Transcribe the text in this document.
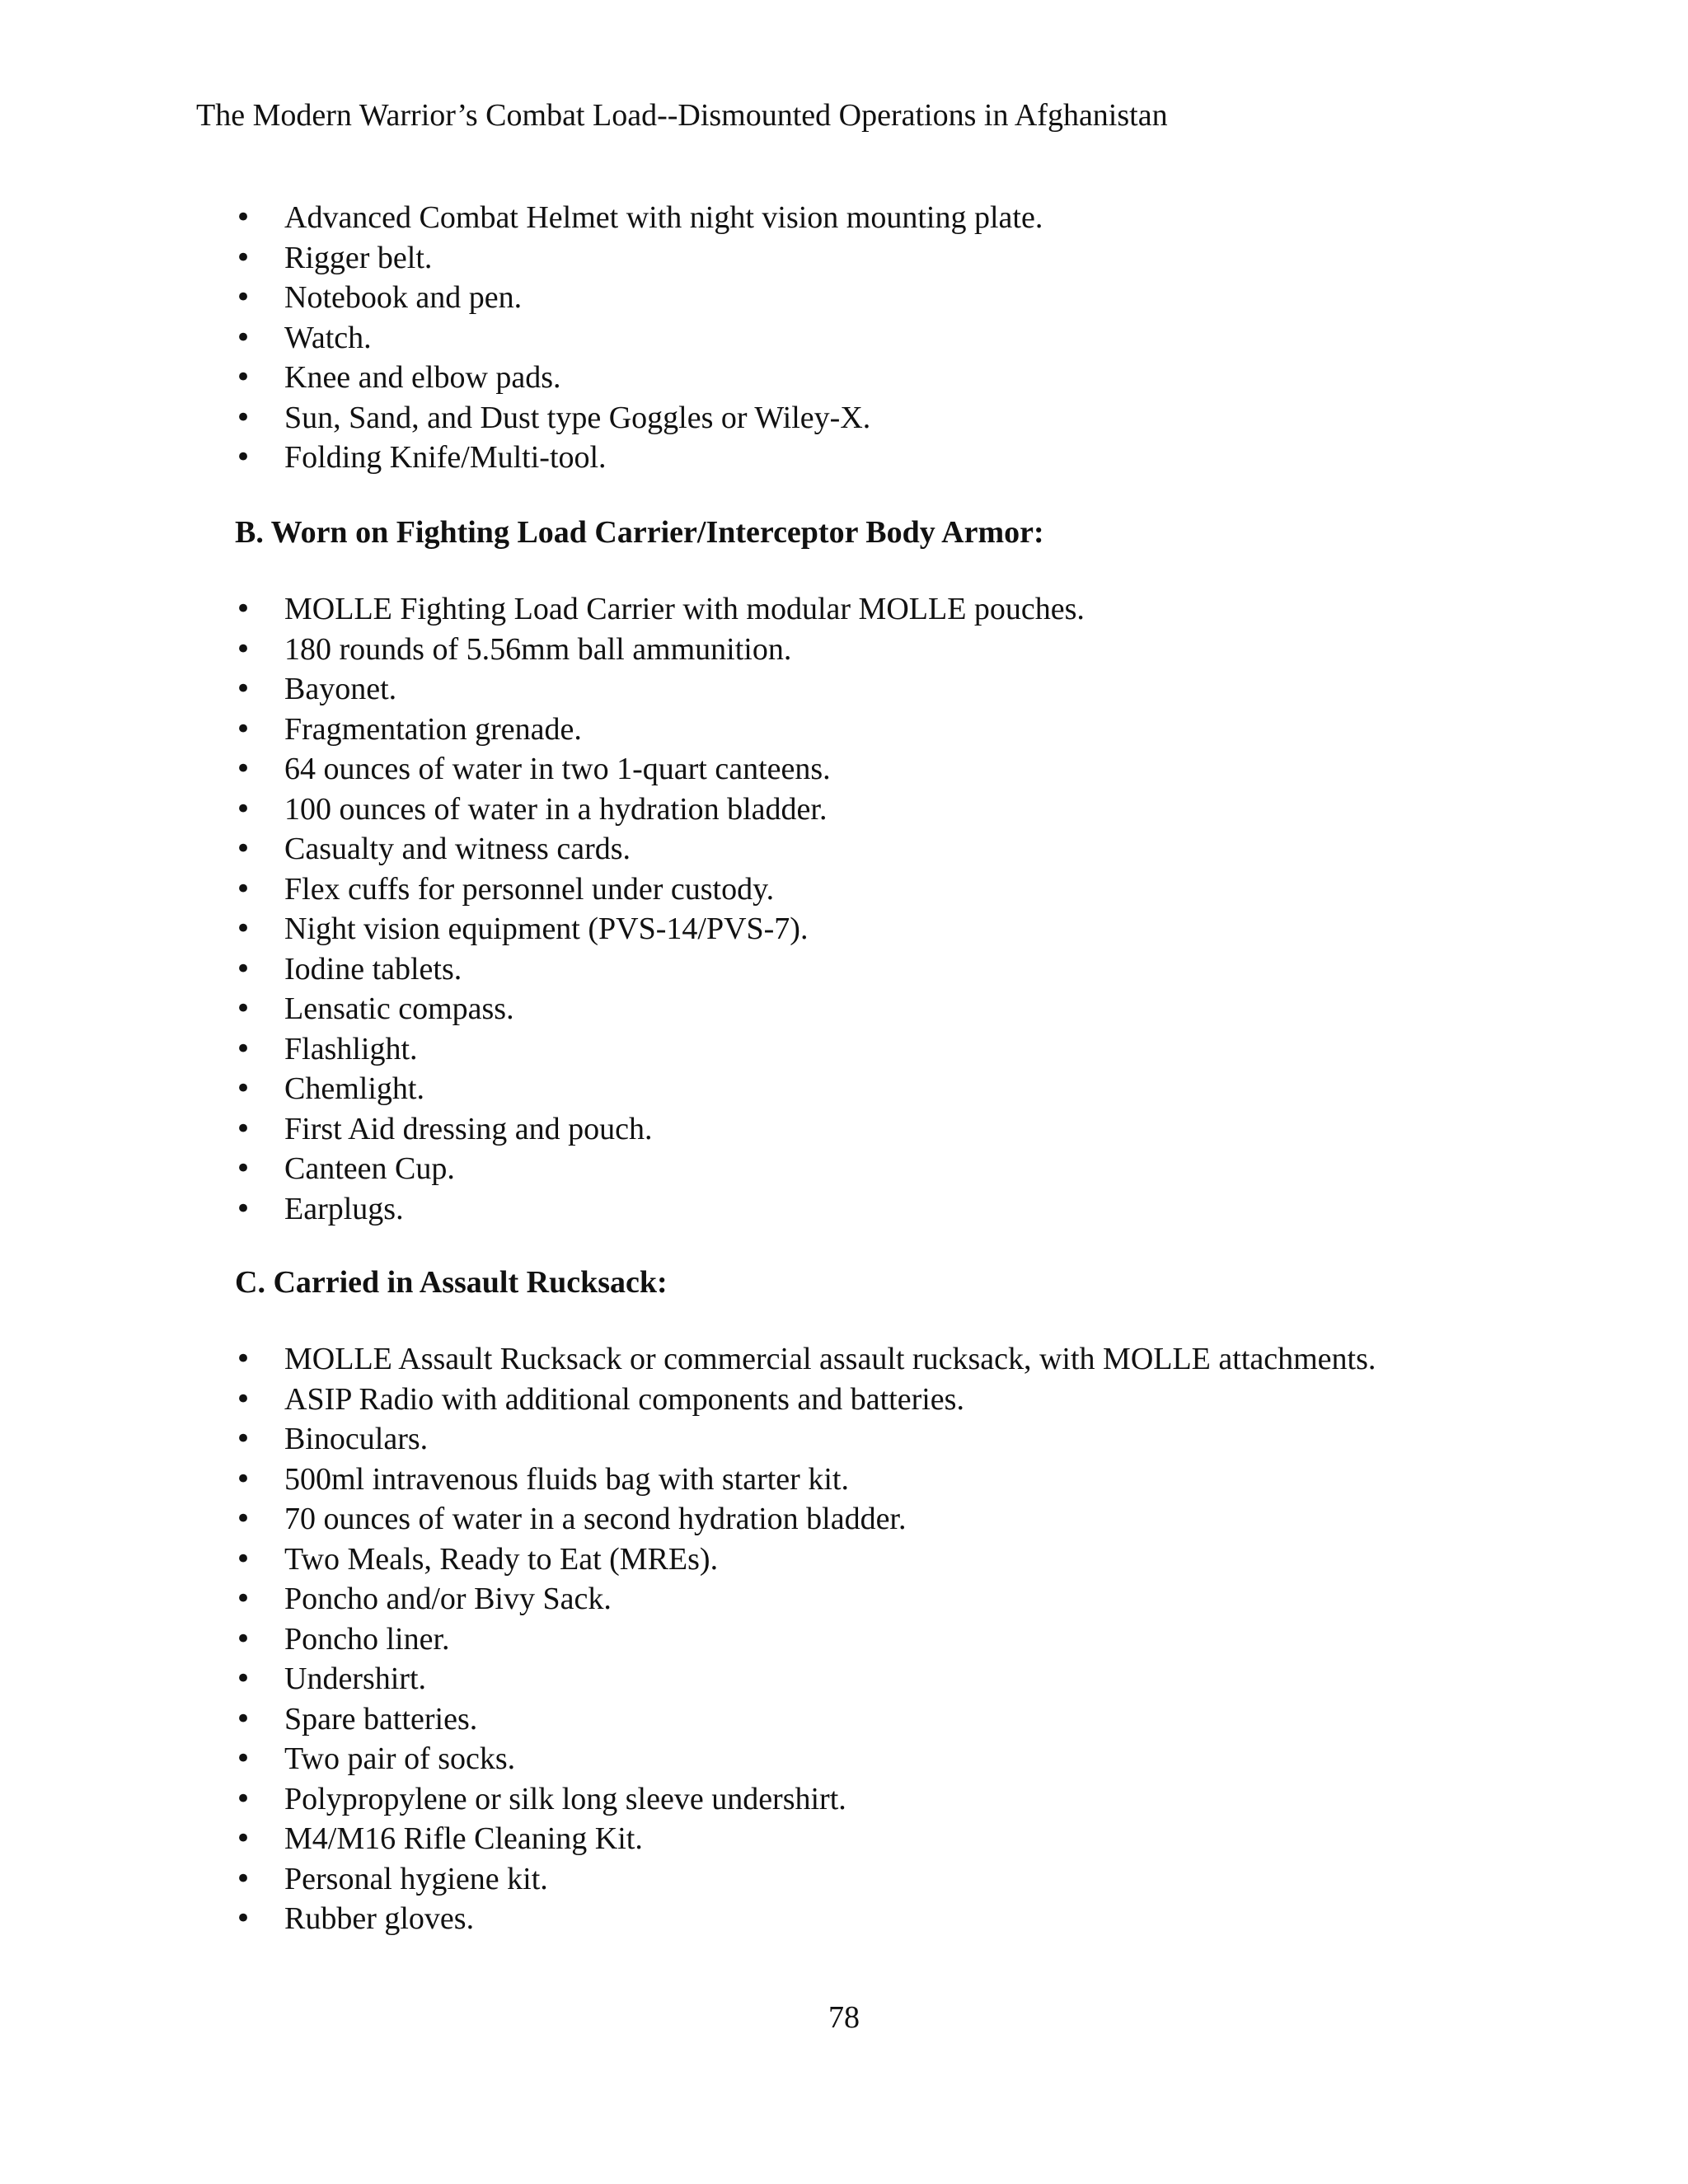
The Modern Warrior’s Combat Load--Dismounted Operations in Afghanistan
• Advanced Combat Helmet with night vision mounting plate.
• Rigger belt.
• Notebook and pen.
• Watch.
• Knee and elbow pads.
• Sun, Sand, and Dust type Goggles or Wiley-X.
• Folding Knife/Multi-tool.
B. Worn on Fighting Load Carrier/Interceptor Body Armor:
• MOLLE Fighting Load Carrier with modular MOLLE pouches.
• 180 rounds of 5.56mm ball ammunition.
• Bayonet.
• Fragmentation grenade.
• 64 ounces of water in two 1-quart canteens.
• 100 ounces of water in a hydration bladder.
• Casualty and witness cards.
• Flex cuffs for personnel under custody.
• Night vision equipment (PVS-14/PVS-7).
• Iodine tablets.
• Lensatic compass.
• Flashlight.
• Chemlight.
• First Aid dressing and pouch.
• Canteen Cup.
• Earplugs.
C. Carried in Assault Rucksack:
• MOLLE Assault Rucksack or commercial assault rucksack, with MOLLE attachments.
• ASIP Radio with additional components and batteries.
• Binoculars.
• 500ml intravenous fluids bag with starter kit.
• 70 ounces of water in a second hydration bladder.
• Two Meals, Ready to Eat (MREs).
• Poncho and/or Bivy Sack.
• Poncho liner.
• Undershirt.
• Spare batteries.
• Two pair of socks.
• Polypropylene or silk long sleeve undershirt.
• M4/M16 Rifle Cleaning Kit.
• Personal hygiene kit.
• Rubber gloves.
78
